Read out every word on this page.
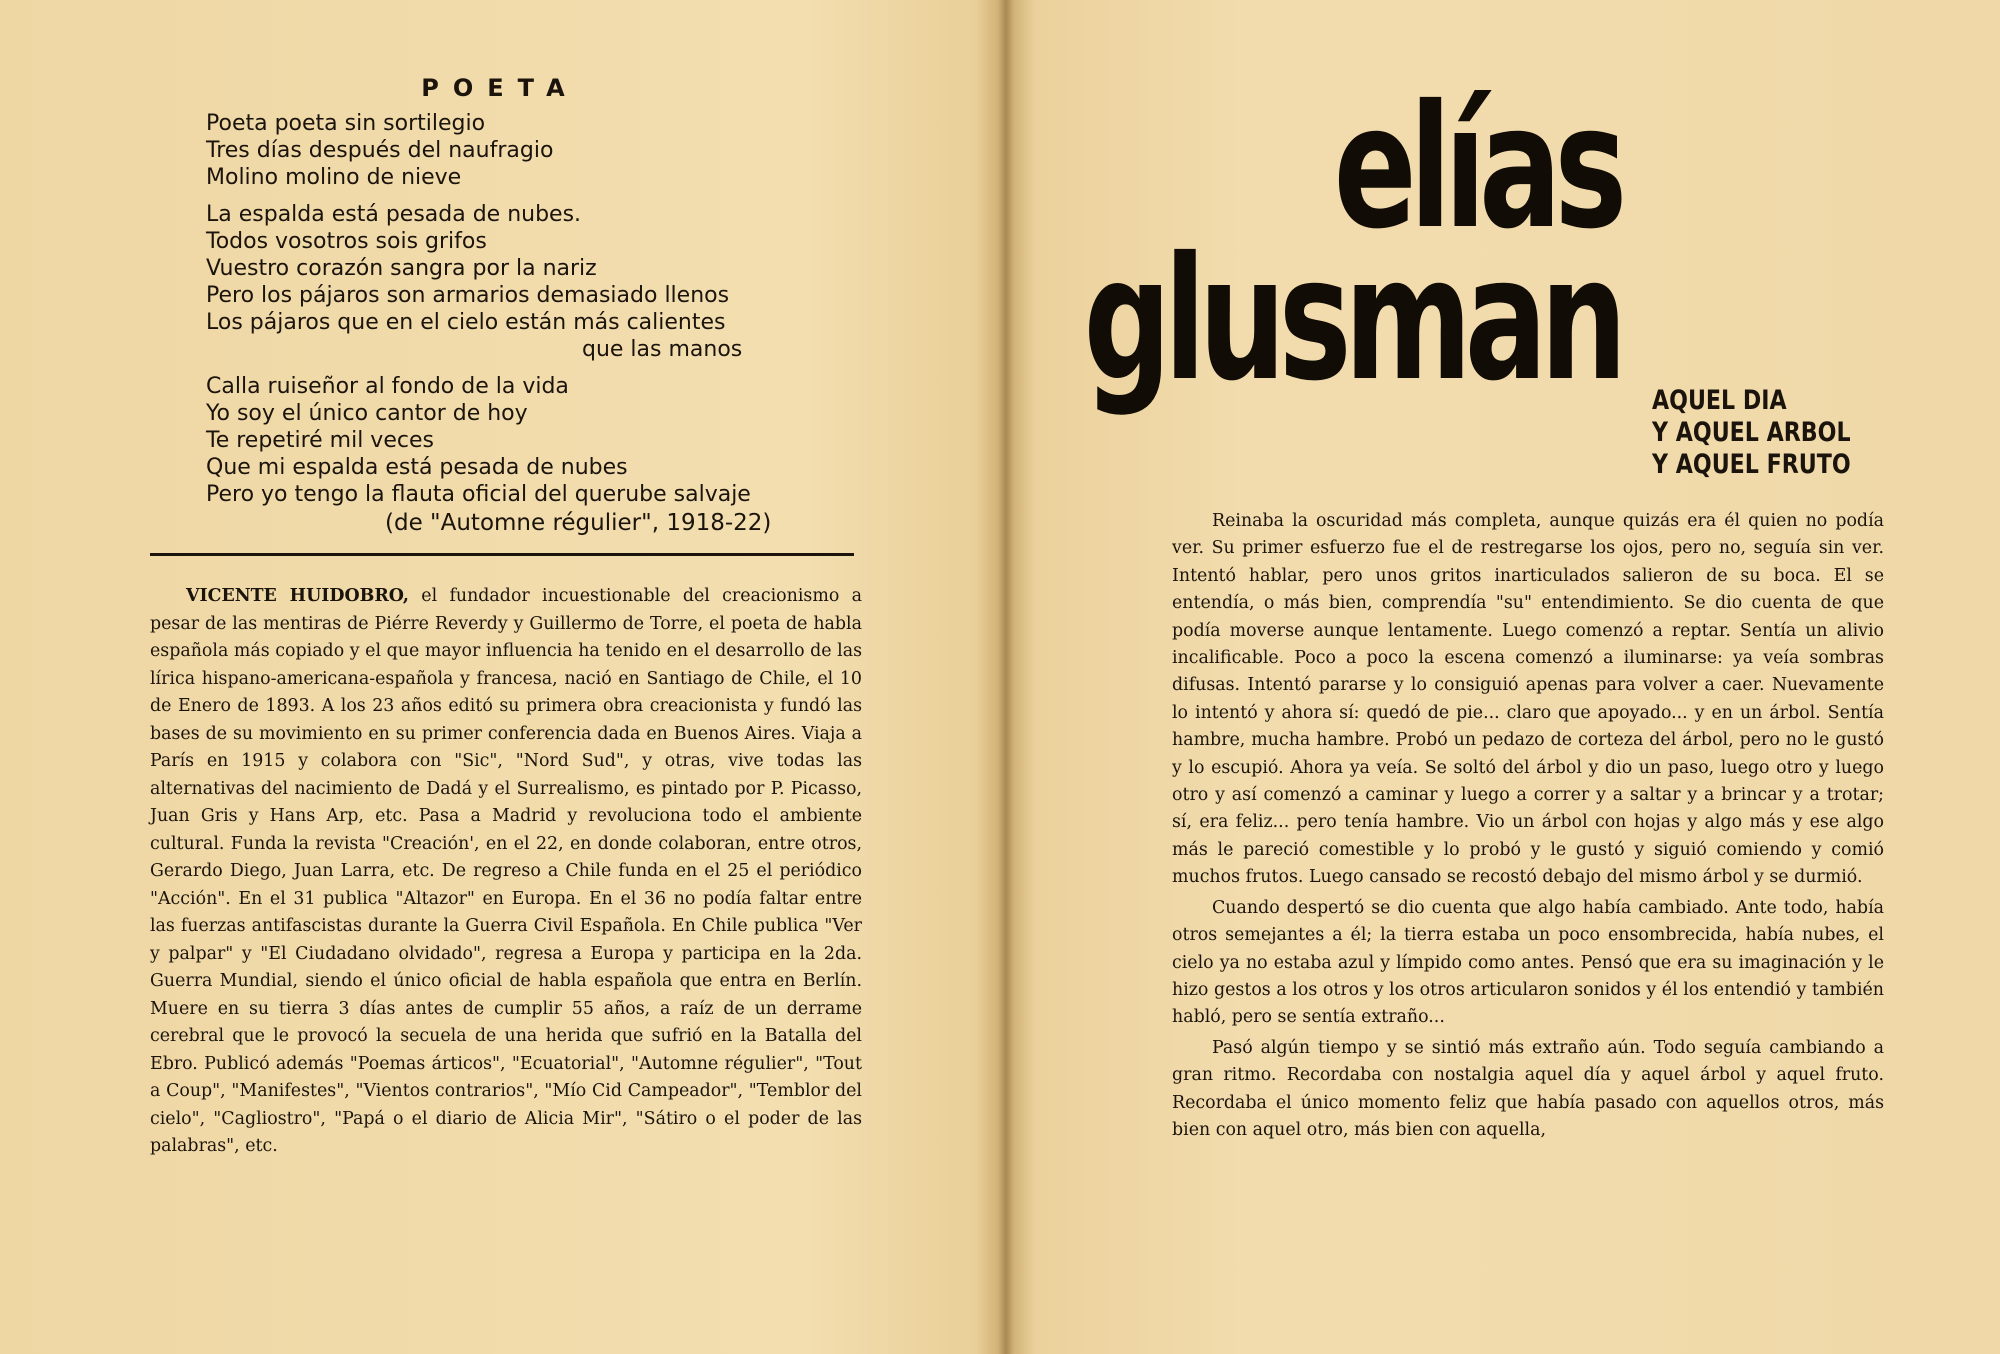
POETA
Poeta poeta sin sortilegio
Tres días después del naufragio
Molino molino de nieve
La espalda está pesada de nubes.
Todos vosotros sois grifos
Vuestro corazón sangra por la nariz
Pero los pájaros son armarios demasiado llenos
Los pájaros que en el cielo están más calientes
que las manos
Calla ruiseñor al fondo de la vida
Yo soy el único cantor de hoy
Te repetiré mil veces
Que mi espalda está pesada de nubes
Pero yo tengo la flauta oficial del querube salvaje
(de "Automne régulier", 1918-22)

VICENTE HUIDOBRO, el fundador incuestionable del creacionismo a pesar de las mentiras de Piérre Reverdy y Guillermo de Torre, el poeta de habla española más copiado y el que mayor influencia ha tenido en el desarrollo de las lírica hispano-americana-española y francesa, nació en Santiago de Chile, el 10 de Enero de 1893. A los 23 años editó su primera obra creacionista y fundó las bases de su movimiento en su primer conferencia dada en Buenos Aires. Viaja a París en 1915 y colabora con "Sic", "Nord Sud", y otras, vive todas las alternativas del nacimiento de Dadá y el Surrealismo, es pintado por P. Picasso, Juan Gris y Hans Arp, etc. Pasa a Madrid y revoluciona todo el ambiente cultural. Funda la revista "Creación', en el 22, en donde colaboran, entre otros, Gerardo Diego, Juan Larra, etc. De regreso a Chile funda en el 25 el periódico "Acción". En el 31 publica "Altazor" en Europa. En el 36 no podía faltar entre las fuerzas antifascistas durante la Guerra Civil Española. En Chile publica "Ver y palpar" y "El Ciudadano olvidado", regresa a Europa y participa en la 2da. Guerra Mundial, siendo el único oficial de habla española que entra en Berlín. Muere en su tierra 3 días antes de cumplir 55 años, a raíz de un derrame cerebral que le provocó la secuela de una herida que sufrió en la Batalla del Ebro. Publicó además "Poemas árticos", "Ecuatorial", "Automne régulier", "Tout a Coup", "Manifestes", "Vientos contrarios", "Mío Cid Campeador", "Temblor del cielo", "Cagliostro", "Papá o el diario de Alicia Mir", "Sátiro o el poder de las palabras", etc.

elías
glusman AQUEL DIA
Y AQUEL ARBOL
Y AQUEL FRUTO

Reinaba la oscuridad más completa, aunque quizás era él quien no podía ver. Su primer esfuerzo fue el de restregarse los ojos, pero no, seguía sin ver. Intentó hablar, pero unos gritos inarticulados salieron de su boca. El se entendía, o más bien, comprendía "su" entendimiento. Se dio cuenta de que podía moverse aunque lentamente. Luego comenzó a reptar. Sentía un alivio incalificable. Poco a poco la escena comenzó a iluminarse: ya veía sombras difusas. Intentó pararse y lo consiguió apenas para volver a caer. Nuevamente lo intentó y ahora sí: quedó de pie... claro que apoyado... y en un árbol. Sentía hambre, mucha hambre. Probó un pedazo de corteza del árbol, pero no le gustó y lo escupió. Ahora ya veía. Se soltó del árbol y dio un paso, luego otro y luego otro y así comenzó a caminar y luego a correr y a saltar y a brincar y a trotar; sí, era feliz... pero tenía hambre. Vio un árbol con hojas y algo más y ese algo más le pareció comestible y lo probó y le gustó y siguió comiendo y comió muchos frutos. Luego cansado se recostó debajo del mismo árbol y se durmió.

Cuando despertó se dio cuenta que algo había cambiado. Ante todo, había otros semejantes a él; la tierra estaba un poco ensombrecida, había nubes, el cielo ya no estaba azul y límpido como antes. Pensó que era su imaginación y le hizo gestos a los otros y los otros articularon sonidos y él los entendió y también habló, pero se sentía extraño...

Pasó algún tiempo y se sintió más extraño aún. Todo seguía cambiando a gran ritmo. Recordaba con nostalgia aquel día y aquel árbol y aquel fruto. Recordaba el único momento feliz que había pasado con aquellos otros, más bien con aquel otro, más bien con aquella,
